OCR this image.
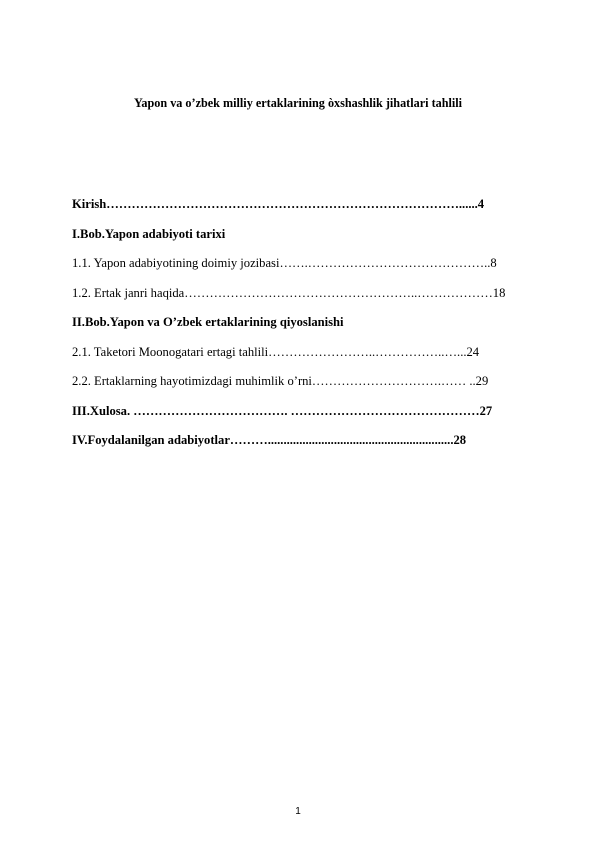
Yapon va o’zbek milliy ertaklarining òxshashlik jihatlari tahlili
Kirish…………………………………………………………………………......4
I.Bob.Yapon adabiyoti tarixi
1.1. Yapon adabiyotining doimiy jozibasi…….……………………………………..8
1.2. Ertak janri haqida………………………………………………..………………18
II.Bob.Yapon va O’zbek ertaklarining qiyoslanishi
2.1. Taketori Moonogatari ertagi tahlili……………………..……………..…...24
2.2. Ertaklarning hayotimizdagi muhimlik o’rni………………………….…… ..29
III.Xulosa. ………………………………. ………………………………………27
IV.Foydalanilgan adabiyotlar………...........................................................28
1
